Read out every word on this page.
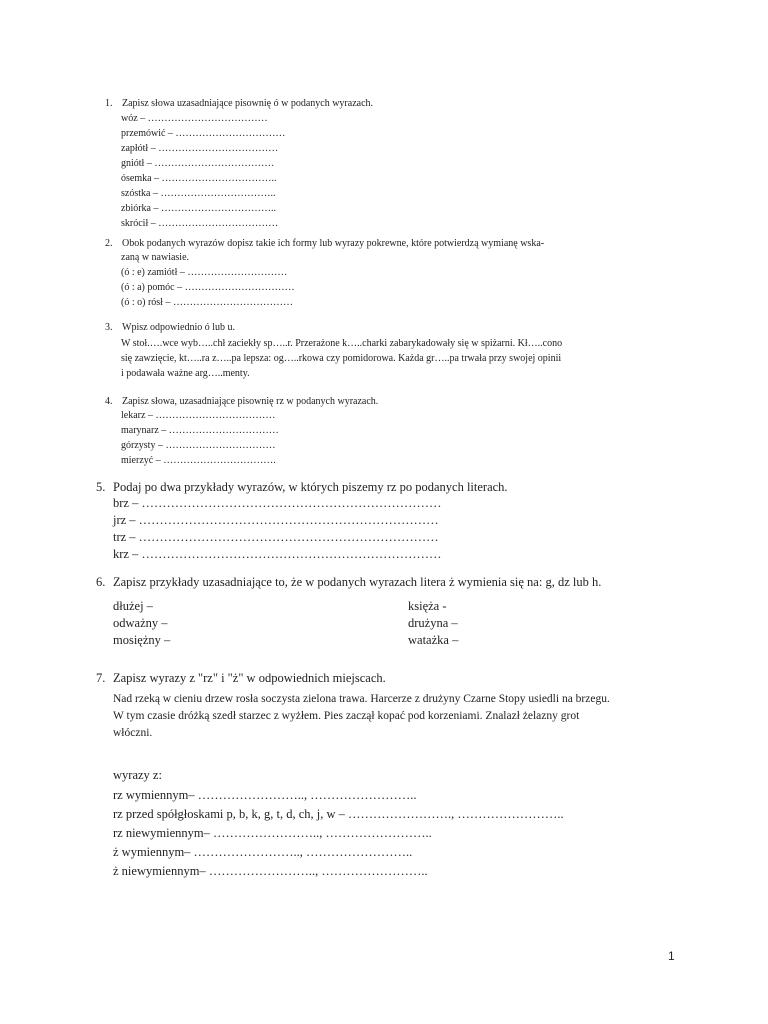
1. Zapisz słowa uzasadniające pisownię ó w podanych wyrazach.
wóz – ………………………………
przemówić – ……………………………
zapłótł – ………………………………
gniótł – ………………………………
ósemka – ……………………………..
szóstka – ……………………………..
zbiórka – ……………………………..
skrócił – ………………………………
2. Obok podanych wyrazów dopisz takie ich formy lub wyrazy pokrewne, które potwierdzą wymianę wska-
zaną w nawiasie.
(ó : e) zamiótł – …………………………
(ó : a) pomóc – ……………………………
(ó : o) rósł – ………………………………
3. Wpisz odpowiednio ó lub u.
W stoł.….wce wyb…..chł zaciekły sp…..r. Przerażone k…..charki zabarykadowały się w spiżarni. Kł…..cono
się zawzięcie, kt…..ra z…..pa lepsza: og…..rkowa czy pomidorowa. Każda gr…..pa trwała przy swojej opinii
i podawała ważne arg…..menty.
4. Zapisz słowa, uzasadniające pisownię rz w podanych wyrazach.
lekarz – ………………………………
marynarz – ……………………………
górzysty – ……………………………
mierzyć – …………………………….
5. Podaj po dwa przykłady wyrazów, w których piszemy rz po podanych literach.
brz – ………………………………………………………………
jrz – ………………………………………………………………
trz – ………………………………………………………………
krz – ………………………………………………………………
6. Zapisz przykłady uzasadniające to, że w podanych wyrazach litera ż wymienia się na: g, dz lub h.
dłużej –
odważny –
mosiężny –
księża -
drużyna –
watażka –
7. Zapisz wyrazy z "rz" i "ż" w odpowiednich miejscach.
Nad rzeką w cieniu drzew rosła soczysta zielona trawa. Harcerze z drużyny Czarne Stopy usiedli na brzegu.
W tym czasie dróżką szedł starzec z wyżłem. Pies zaczął kopać pod korzeniami. Znalazł żelazny grot
włóczni.
wyrazy z:
rz wymiennym– …………………….., ……………………..
rz przed spółgłoskami p, b, k, g, t, d, ch, j, w – ……………………., ……………………..
rz niewymiennym– …………………….., ……………………..
ż wymiennym– …………………….., ……………………..
ż niewymiennym– …………………….., ……………………..
1
